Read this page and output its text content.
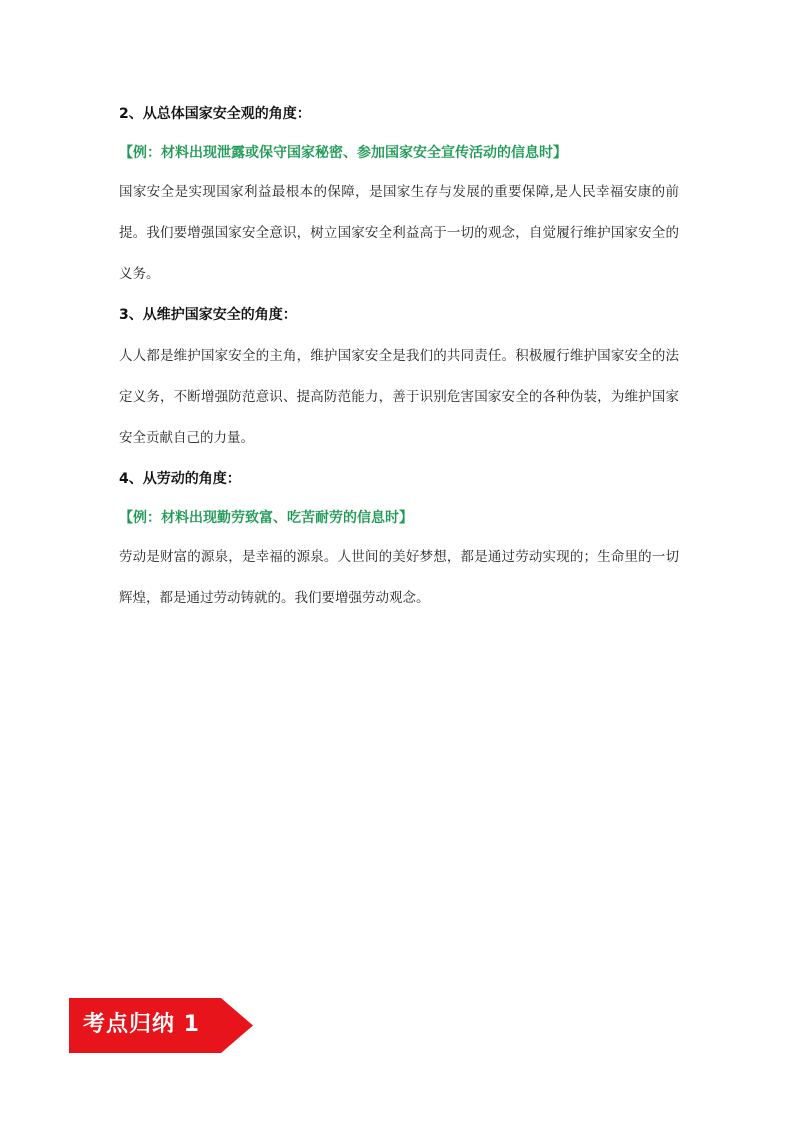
2、从总体国家安全观的角度：

【例：材料出现泄露或保守国家秘密、参加国家安全宣传活动的信息时】

国家安全是实现国家利益最根本的保障，是国家生存与发展的重要保障,是人民幸福安康的前提。我们要增强国家安全意识，树立国家安全利益高于一切的观念，自觉履行维护国家安全的义务。

3、从维护国家安全的角度：

人人都是维护国家安全的主角，维护国家安全是我们的共同责任。积极履行维护国家安全的法定义务，不断增强防范意识、提高防范能力，善于识别危害国家安全的各种伪装，为维护国家安全贡献自己的力量。

4、从劳动的角度：

【例：材料出现勤劳致富、吃苦耐劳的信息时】

劳动是财富的源泉，是幸福的源泉。人世间的美好梦想，都是通过劳动实现的；生命里的一切辉煌，都是通过劳动铸就的。我们要增强劳动观念。

考点归纳 1
